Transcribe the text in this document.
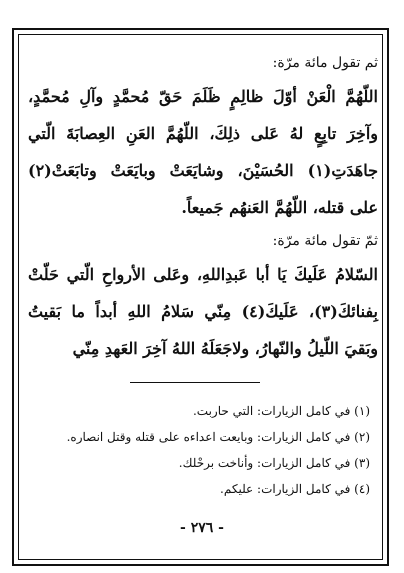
ثم تقول مائة مرّة:

اللّهُمَّ الْعَنْ أوّلَ ظالِمٍ ظَلَمَ حَقّ مُحمَّدٍ وآلِ مُحمَّدٍ، وآخِرَ تابِعٍ لهُ عَلى ذلِكَ، اللّهُمَّ العَنِ العِصابَةَ الّتي جاهَدَتِ(١) الحُسَيْنَ، وشايَعَتْ وبايَعَتْ وتابَعَتْ(٢) على قتله، اللّهُمَّ العَنهُم جَميعاً.

ثمّ تقول مائة مرّة:

السّلامُ عَلَيكَ يَا أبا عَبدِاللهِ، وعَلى الأرواحِ الّتي حَلّتْ بِفنائكَ(٣)، عَلَيكَ(٤) مِنّي سَلامُ اللهِ أبداً ما بَقيتُ وبَقيَ اللّيلُ والنّهارُ، ولاجَعَلَهُ اللهُ آخِرَ العَهدِ مِنّي

(١) في كامل الزيارات: التي حاربت.

(٢) في كامل الزيارات: وبايعت اعداءه على قتله وقتل انصاره.

(٣) في كامل الزيارات: وأناخت برحْلك.

(٤) في كامل الزيارات: عليكم.

- ٢٧٦ -
